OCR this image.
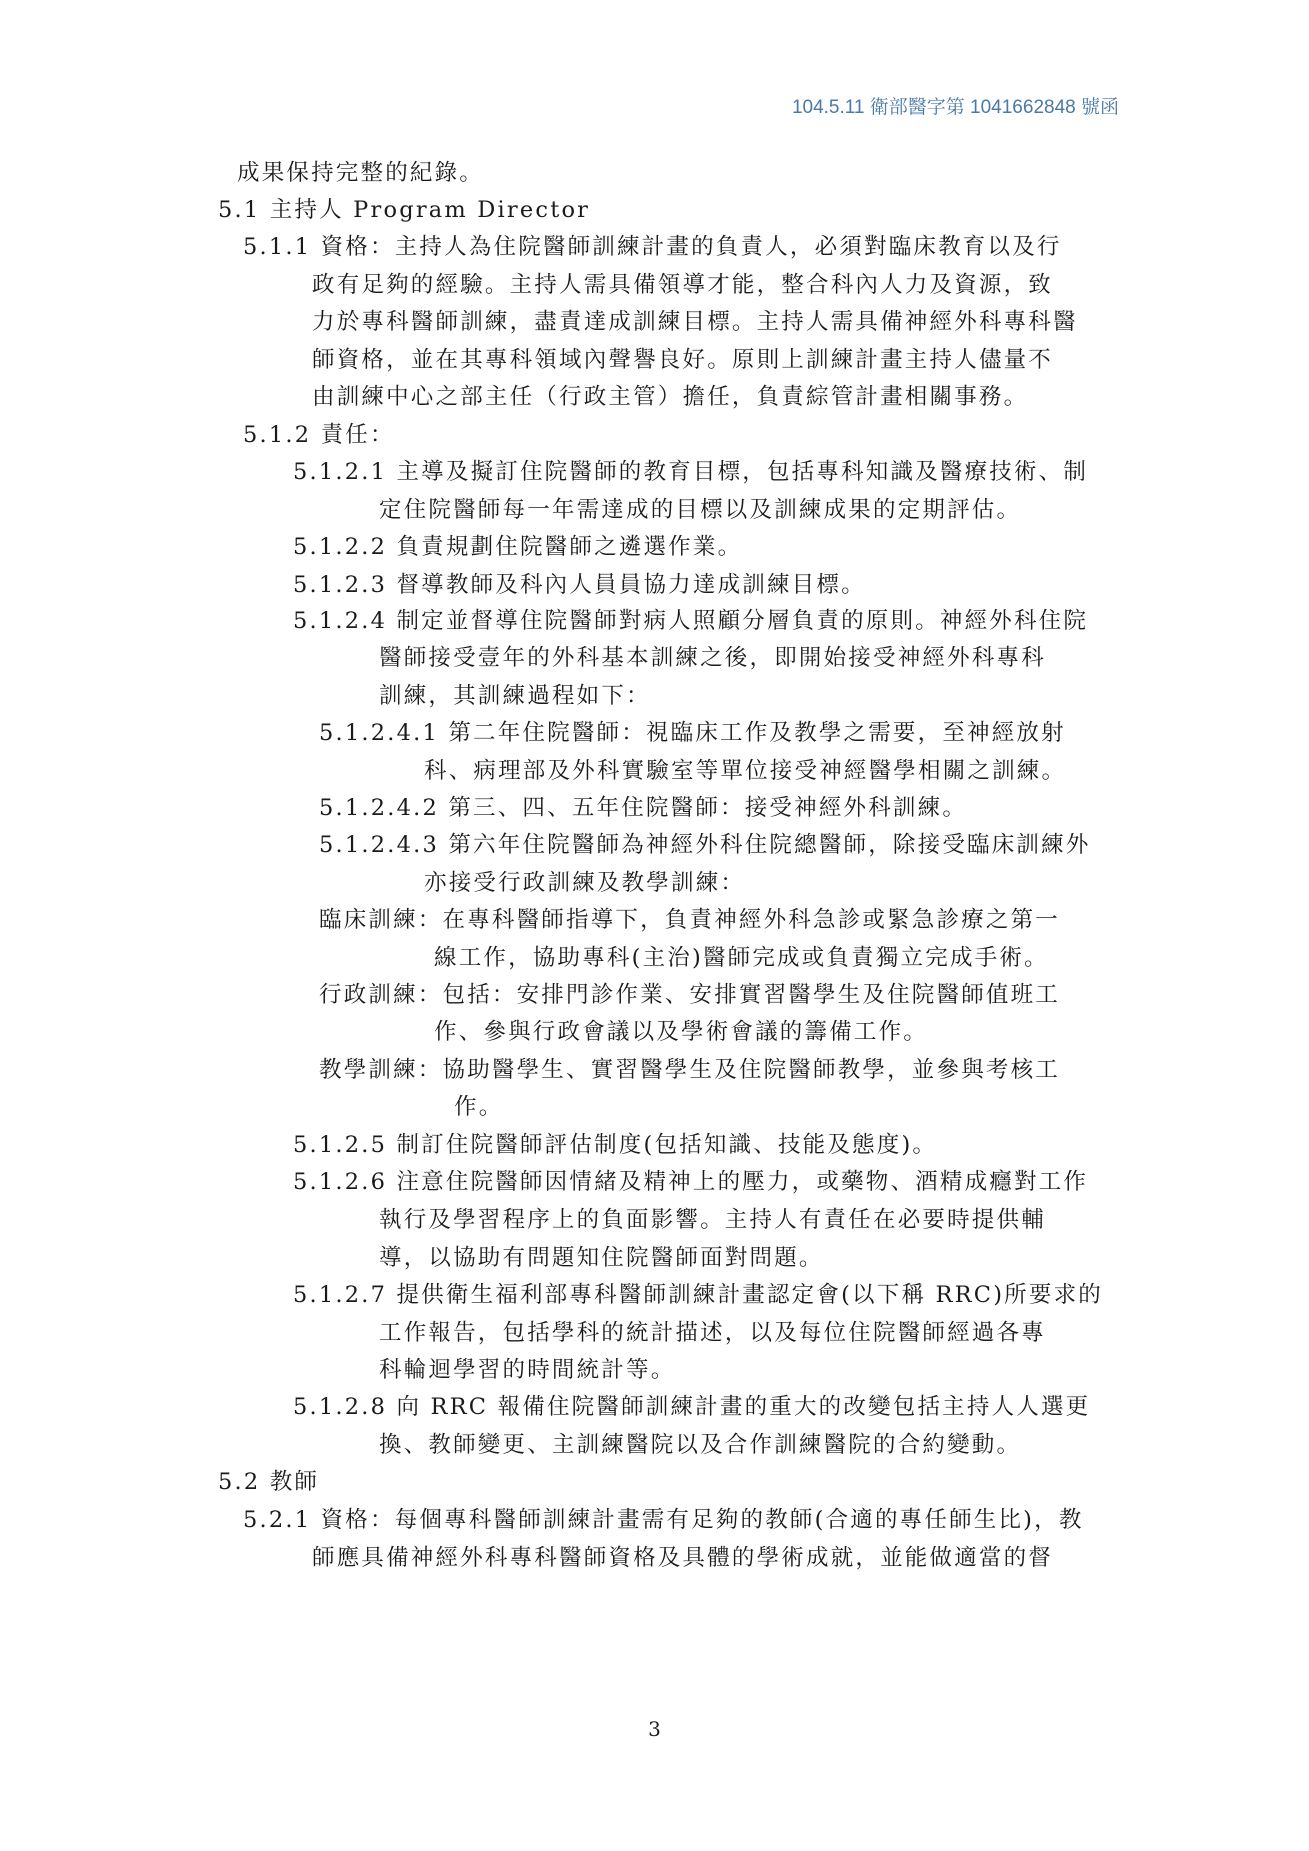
104.5.11 衛部醫字第 1041662848 號函
成果保持完整的紀錄。
5.1 主持人 Program Director
5.1.1 資格：主持人為住院醫師訓練計畫的負責人，必須對臨床教育以及行
政有足夠的經驗。主持人需具備領導才能，整合科內人力及資源，致
力於專科醫師訓練，盡責達成訓練目標。主持人需具備神經外科專科醫
師資格，並在其專科領域內聲譽良好。原則上訓練計畫主持人儘量不
由訓練中心之部主任（行政主管）擔任，負責綜管計畫相關事務。
5.1.2 責任：
5.1.2.1 主導及擬訂住院醫師的教育目標，包括專科知識及醫療技術、制
定住院醫師每一年需達成的目標以及訓練成果的定期評估。
5.1.2.2 負責規劃住院醫師之遴選作業。
5.1.2.3 督導教師及科內人員員協力達成訓練目標。
5.1.2.4 制定並督導住院醫師對病人照顧分層負責的原則。神經外科住院
醫師接受壹年的外科基本訓練之後，即開始接受神經外科專科
訓練，其訓練過程如下：
5.1.2.4.1 第二年住院醫師：視臨床工作及教學之需要，至神經放射
科、病理部及外科實驗室等單位接受神經醫學相關之訓練。
5.1.2.4.2 第三、四、五年住院醫師：接受神經外科訓練。
5.1.2.4.3 第六年住院醫師為神經外科住院總醫師，除接受臨床訓練外
亦接受行政訓練及教學訓練：
臨床訓練：在專科醫師指導下，負責神經外科急診或緊急診療之第一
線工作，協助專科(主治)醫師完成或負責獨立完成手術。
行政訓練：包括：安排門診作業、安排實習醫學生及住院醫師值班工
作、參與行政會議以及學術會議的籌備工作。
教學訓練：協助醫學生、實習醫學生及住院醫師教學，並參與考核工
作。
5.1.2.5 制訂住院醫師評估制度(包括知識、技能及態度)。
5.1.2.6 注意住院醫師因情緒及精神上的壓力，或藥物、酒精成癮對工作
執行及學習程序上的負面影響。主持人有責任在必要時提供輔
導，以協助有問題知住院醫師面對問題。
5.1.2.7 提供衛生福利部專科醫師訓練計畫認定會(以下稱 RRC)所要求的
工作報告，包括學科的統計描述，以及每位住院醫師經過各專
科輪迴學習的時間統計等。
5.1.2.8 向 RRC 報備住院醫師訓練計畫的重大的改變包括主持人人選更
換、教師變更、主訓練醫院以及合作訓練醫院的合約變動。
5.2 教師
5.2.1 資格：每個專科醫師訓練計畫需有足夠的教師(合適的專任師生比)，教
師應具備神經外科專科醫師資格及具體的學術成就，並能做適當的督
3
